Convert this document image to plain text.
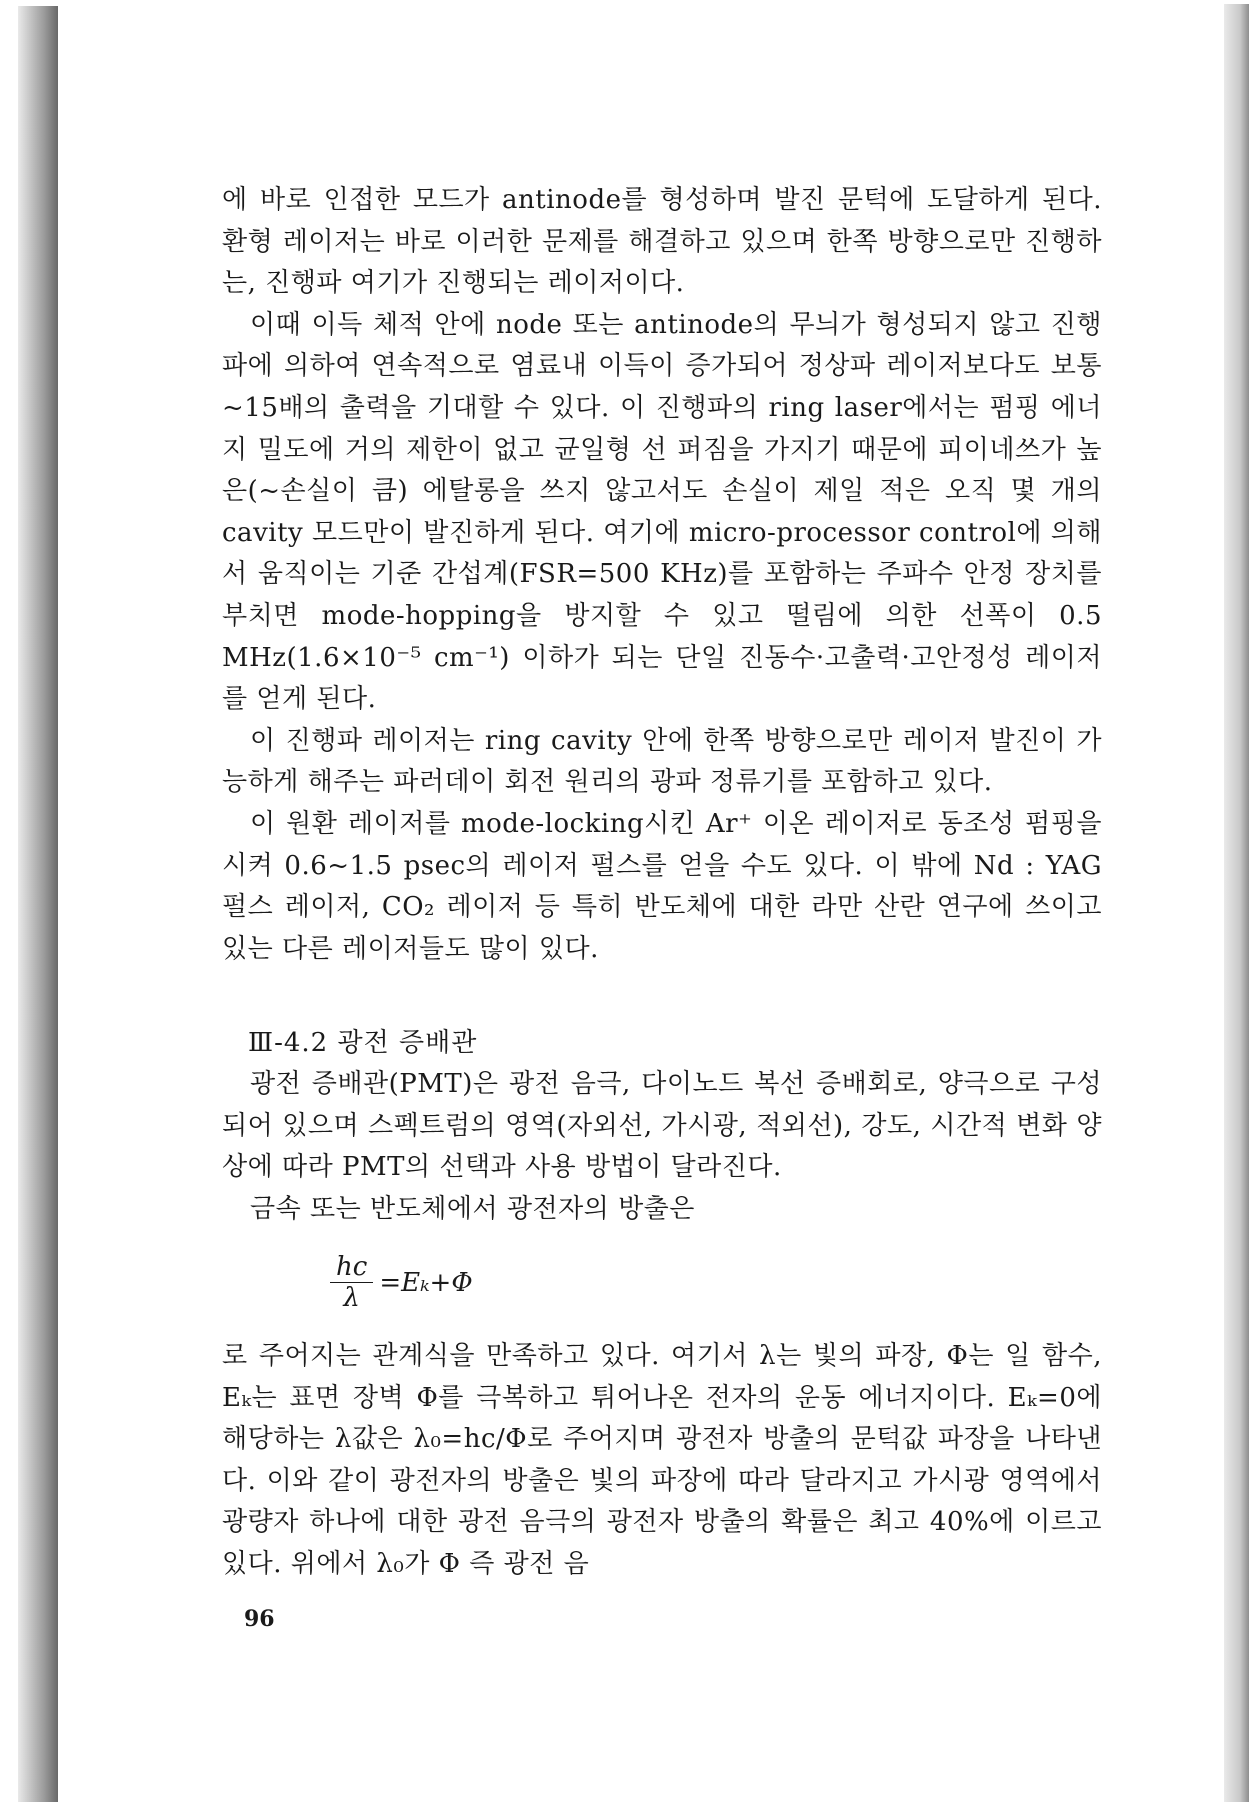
에 바로 인접한 모드가 antinode를 형성하며 발진 문턱에 도달하게 된다. 환형 레이저는 바로 이러한 문제를 해결하고 있으며 한쪽 방향으로만 진행하는, 진행파 여기가 진행되는 레이저이다.

이때 이득 체적 안에 node 또는 antinode의 무늬가 형성되지 않고 진행파에 의하여 연속적으로 염료내 이득이 증가되어 정상파 레이저보다도 보통~15배의 출력을 기대할 수 있다. 이 진행파의 ring laser에서는 펌핑 에너지 밀도에 거의 제한이 없고 균일형 선 퍼짐을 가지기 때문에 피이네쓰가 높은(~손실이 큼) 에탈롱을 쓰지 않고서도 손실이 제일 적은 오직 몇 개의 cavity 모드만이 발진하게 된다. 여기에 micro-processor control에 의해서 움직이는 기준 간섭계(FSR=500 KHz)를 포함하는 주파수 안정 장치를 부치면 mode-hopping을 방지할 수 있고 떨림에 의한 선폭이 0.5 MHz(1.6×10⁻⁵ cm⁻¹) 이하가 되는 단일 진동수·고출력·고안정성 레이저를 얻게 된다.

이 진행파 레이저는 ring cavity 안에 한쪽 방향으로만 레이저 발진이 가능하게 해주는 파러데이 회전 원리의 광파 정류기를 포함하고 있다.

이 원환 레이저를 mode-locking시킨 Ar⁺ 이온 레이저로 동조성 펌핑을 시켜 0.6~1.5 psec의 레이저 펄스를 얻을 수도 있다. 이 밖에 Nd : YAG 펄스 레이저, CO₂ 레이저 등 특히 반도체에 대한 라만 산란 연구에 쓰이고 있는 다른 레이저들도 많이 있다.

Ⅲ-4.2 광전 증배관

광전 증배관(PMT)은 광전 음극, 다이노드 복선 증배회로, 양극으로 구성되어 있으며 스펙트럼의 영역(자외선, 가시광, 적외선), 강도, 시간적 변화 양상에 따라 PMT의 선택과 사용 방법이 달라진다.

금속 또는 반도체에서 광전자의 방출은

$\frac{hc}{\lambda} =E_k+\Phi$

로 주어지는 관계식을 만족하고 있다. 여기서 λ는 빛의 파장, Φ는 일 함수, Eₖ는 표면 장벽 Φ를 극복하고 튀어나온 전자의 운동 에너지이다. Eₖ=0에 해당하는 λ값은 λ₀=hc/Φ로 주어지며 광전자 방출의 문턱값 파장을 나타낸다. 이와 같이 광전자의 방출은 빛의 파장에 따라 달라지고 가시광 영역에서 광량자 하나에 대한 광전 음극의 광전자 방출의 확률은 최고 40%에 이르고 있다. 위에서 λ₀가 Φ 즉 광전 음

96
